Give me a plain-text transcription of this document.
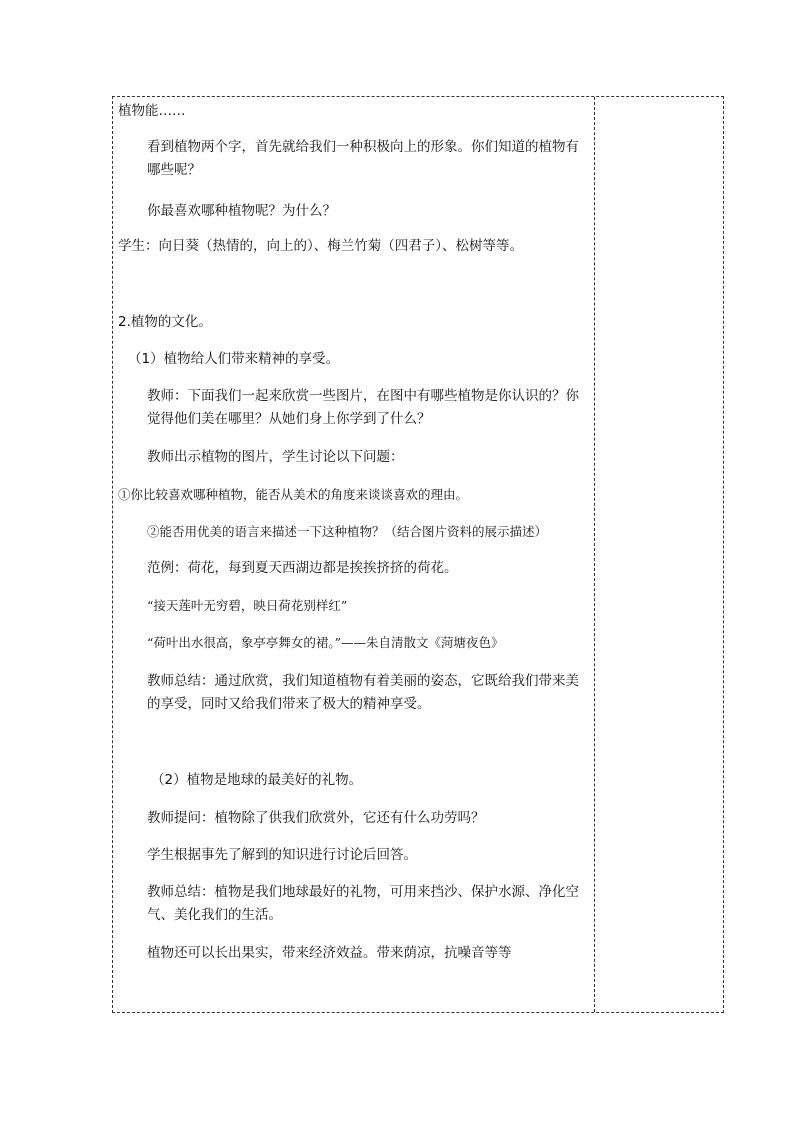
植物能……

看到植物两个字，首先就给我们一种积极向上的形象。你们知道的植物有哪些呢？

你最喜欢哪种植物呢？为什么？

学生：向日葵（热情的，向上的）、梅兰竹菊（四君子）、松树等等。

2.植物的文化。

（1）植物给人们带来精神的享受。

教师：下面我们一起来欣赏一些图片，在图中有哪些植物是你认识的？你觉得他们美在哪里？从她们身上你学到了什么？

教师出示植物的图片，学生讨论以下问题：

①你比较喜欢哪种植物，能否从美术的角度来谈谈喜欢的理由。

②能否用优美的语言来描述一下这种植物？（结合图片资料的展示描述）

范例：荷花，每到夏天西湖边都是挨挨挤挤的荷花。

“接天莲叶无穷碧，映日荷花别样红”

“荷叶出水很高，象亭亭舞女的裙。”——朱自清散文《菏塘夜色》

教师总结：通过欣赏，我们知道植物有着美丽的姿态，它既给我们带来美的享受，同时又给我们带来了极大的精神享受。

（2）植物是地球的最美好的礼物。

教师提问：植物除了供我们欣赏外，它还有什么功劳吗？

学生根据事先了解到的知识进行讨论后回答。

教师总结：植物是我们地球最好的礼物，可用来挡沙、保护水源、净化空气、美化我们的生活。

植物还可以长出果实，带来经济效益。带来荫凉，抗噪音等等
